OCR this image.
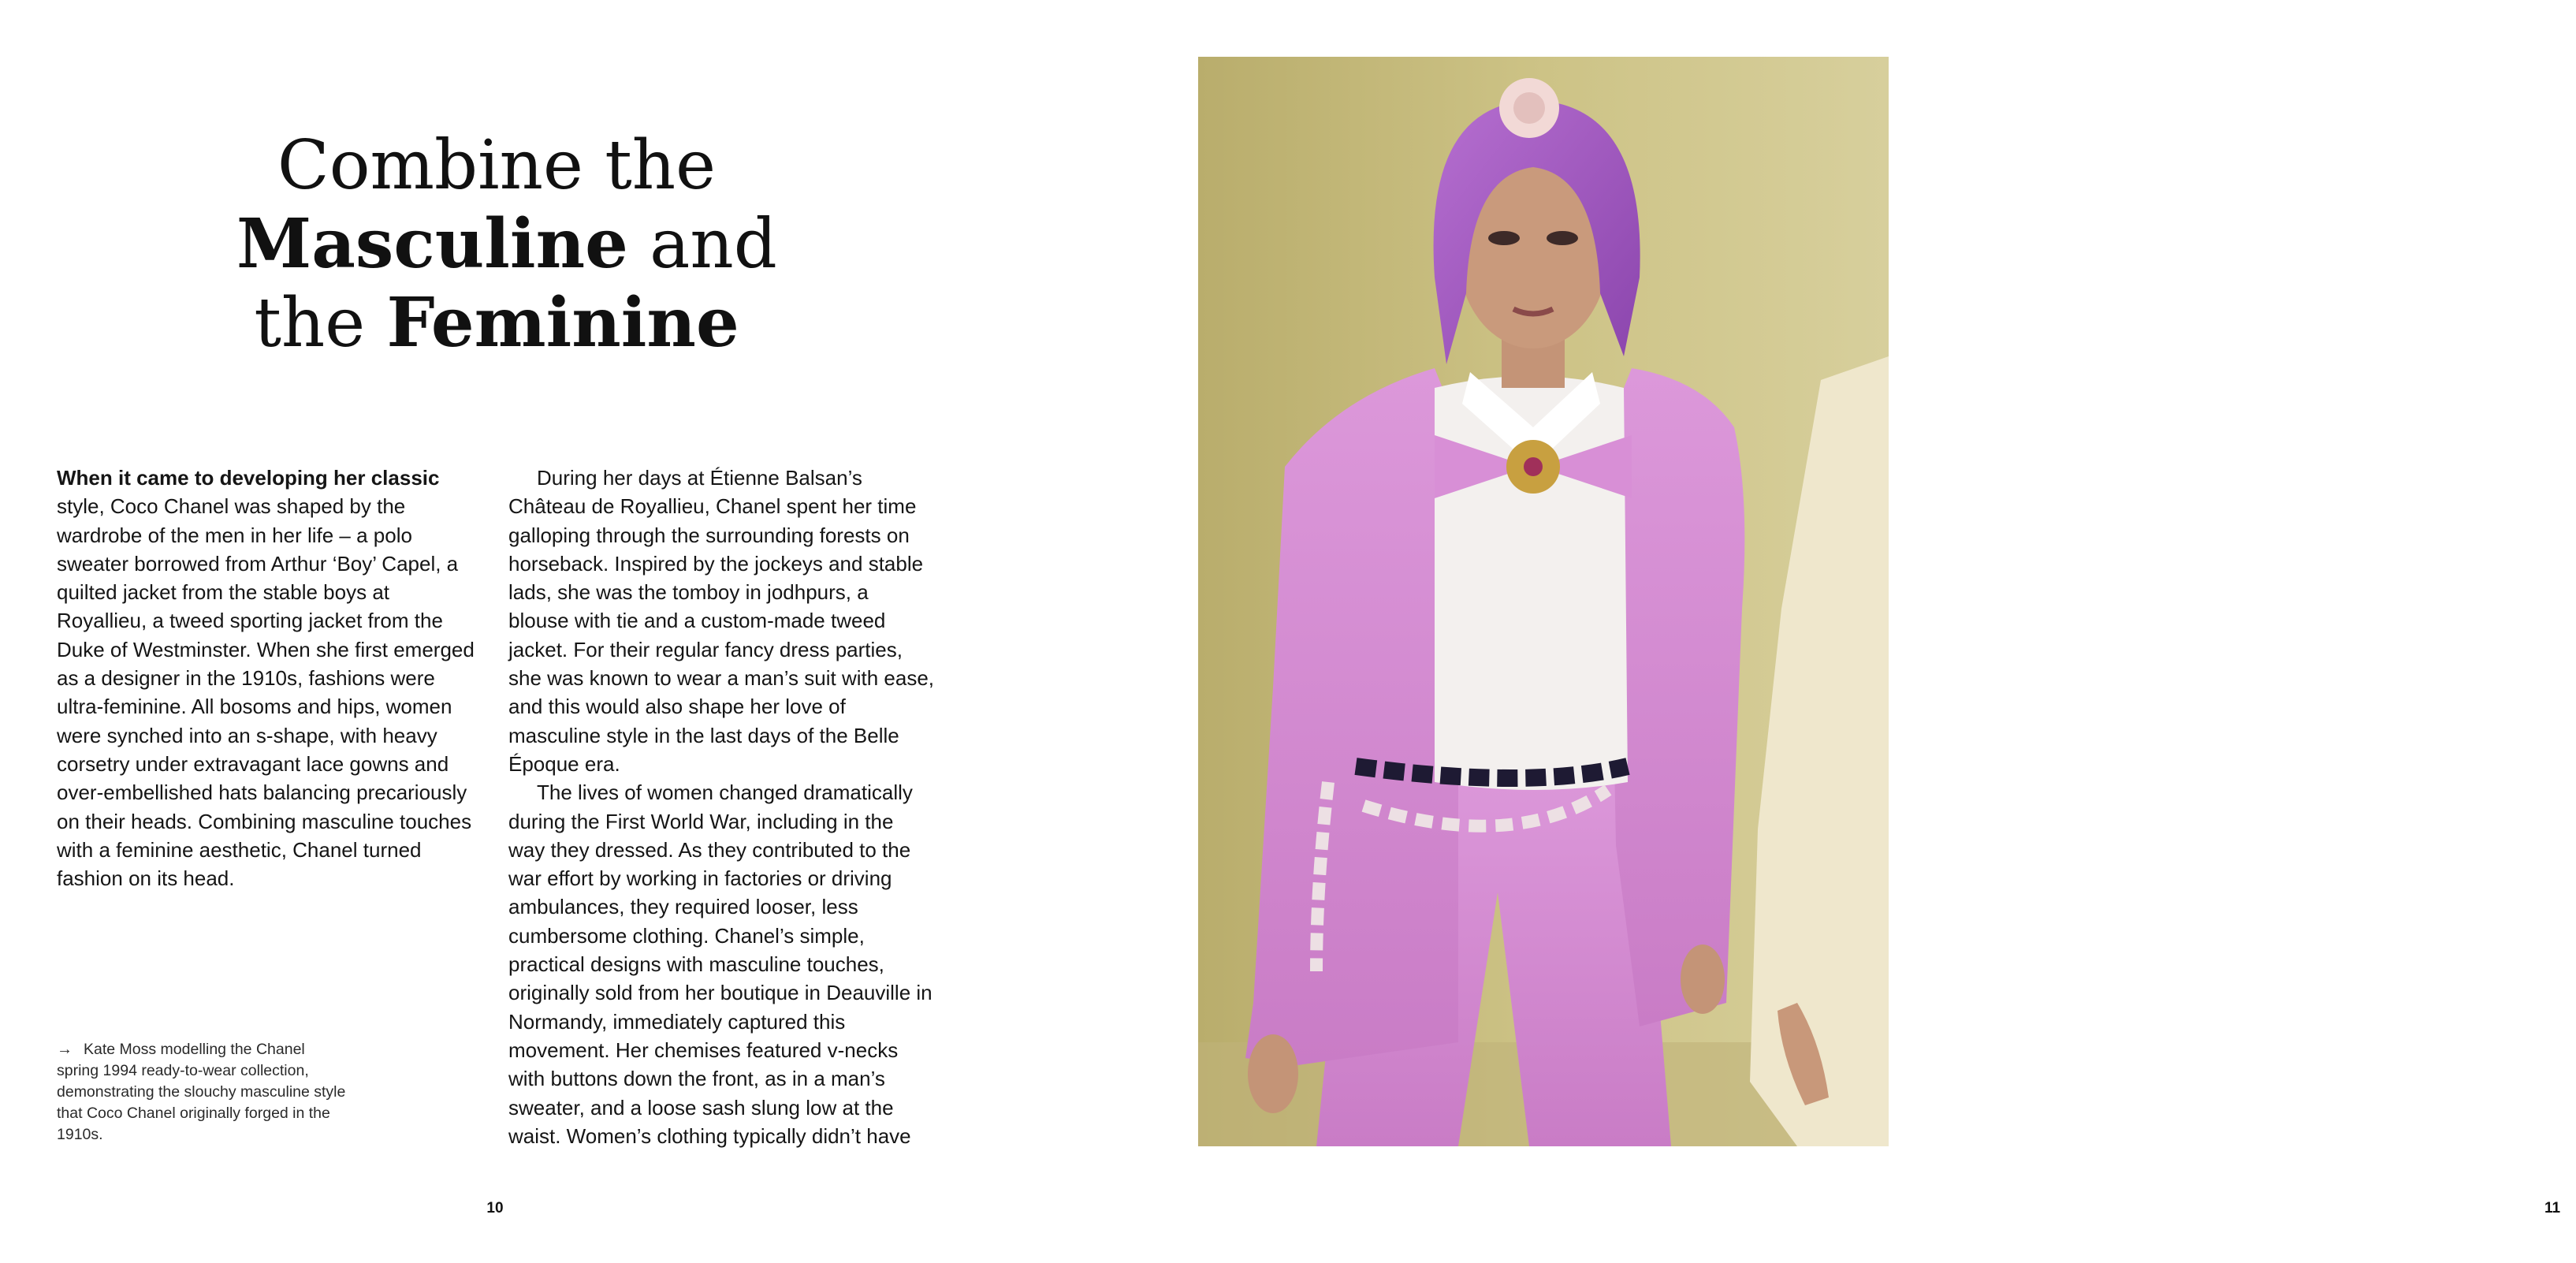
Combine the
Masculine and
the Feminine

When it came to developing her classic style, Coco Chanel was shaped by the wardrobe of the men in her life – a polo sweater borrowed from Arthur ‘Boy’ Capel, a quilted jacket from the stable boys at Royallieu, a tweed sporting jacket from the Duke of Westminster. When she first emerged as a designer in the 1910s, fashions were ultra-feminine. All bosoms and hips, women were synched into an s-shape, with heavy corsetry under extravagant lace gowns and over-embellished hats balancing precariously on their heads. Combining masculine touches with a feminine aesthetic, Chanel turned fashion on its head.

During her days at Étienne Balsan’s Château de Royallieu, Chanel spent her time galloping through the surrounding forests on horseback. Inspired by the jockeys and stable lads, she was the tomboy in jodhpurs, a blouse with tie and a custom-made tweed jacket. For their regular fancy dress parties, she was known to wear a man’s suit with ease, and this would also shape her love of masculine style in the last days of the Belle Époque era.

The lives of women changed dramatically during the First World War, including in the way they dressed. As they contributed to the war effort by working in factories or driving ambulances, they required looser, less cumbersome clothing. Chanel’s simple, practical designs with masculine touches, originally sold from her boutique in Deauville in Normandy, immediately captured this movement. Her chemises featured v-necks with buttons down the front, as in a man’s sweater, and a loose sash slung low at the waist. Women’s clothing typically didn’t have

→ Kate Moss modelling the Chanel spring 1994 ready-to-wear collection, demonstrating the slouchy masculine style that Coco Chanel originally forged in the 1910s.
10	11
